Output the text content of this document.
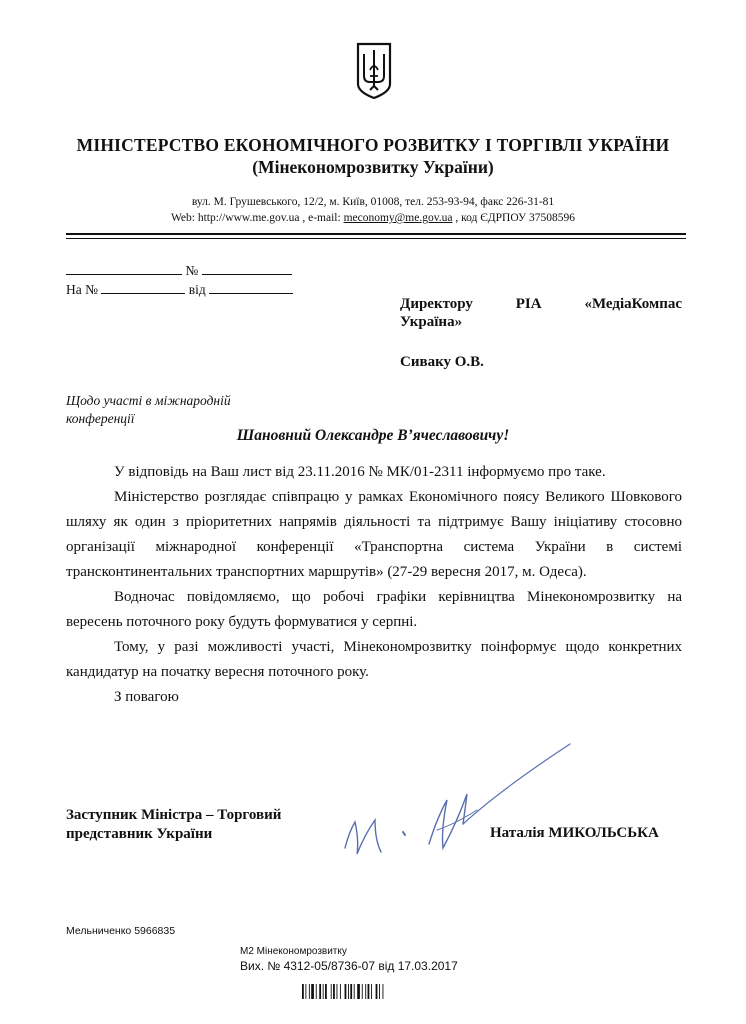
МІНІСТЕРСТВО ЕКОНОМІЧНОГО РОЗВИТКУ І ТОРГІВЛІ УКРАЇНИ
(Мінекономрозвитку України)
вул. М. Грушевського, 12/2, м. Київ, 01008, тел. 253-93-94, факс 226-31-81
Web: http://www.me.gov.ua , e-mail: meconomy@me.gov.ua , код ЄДРПОУ 37508596
№
На №	від
Директору	РІА	«МедіаКомпас
Україна»
Сиваку О.В.
Щодо участі в міжнародній
конференції
Шановний Олександре В’ячеславовичу!

У відповідь на Ваш лист від 23.11.2016 № МК/01-2311 інформуємо про таке.

Міністерство розглядає співпрацю у рамках Економічного поясу Великого Шовкового шляху як один з пріоритетних напрямів діяльності та підтримує Вашу ініціативу стосовно організації міжнародної конференції «Транспортна система України в системі трансконтинентальних транспортних маршрутів» (27-29 вересня 2017, м. Одеса).

Водночас повідомляємо, що робочі графіки керівництва Мінекономрозвитку на вересень поточного року будуть формуватися у серпні.

Тому, у разі можливості участі, Мінекономрозвитку поінформує щодо конкретних кандидатур на початку вересня поточного року.

З повагою

Заступник Міністра – Торговий
представник України	Наталія МИКОЛЬСЬКА
Мельниченко 5966835
М2 Мінекономрозвитку
Вих. № 4312-05/8736-07 від 17.03.2017
